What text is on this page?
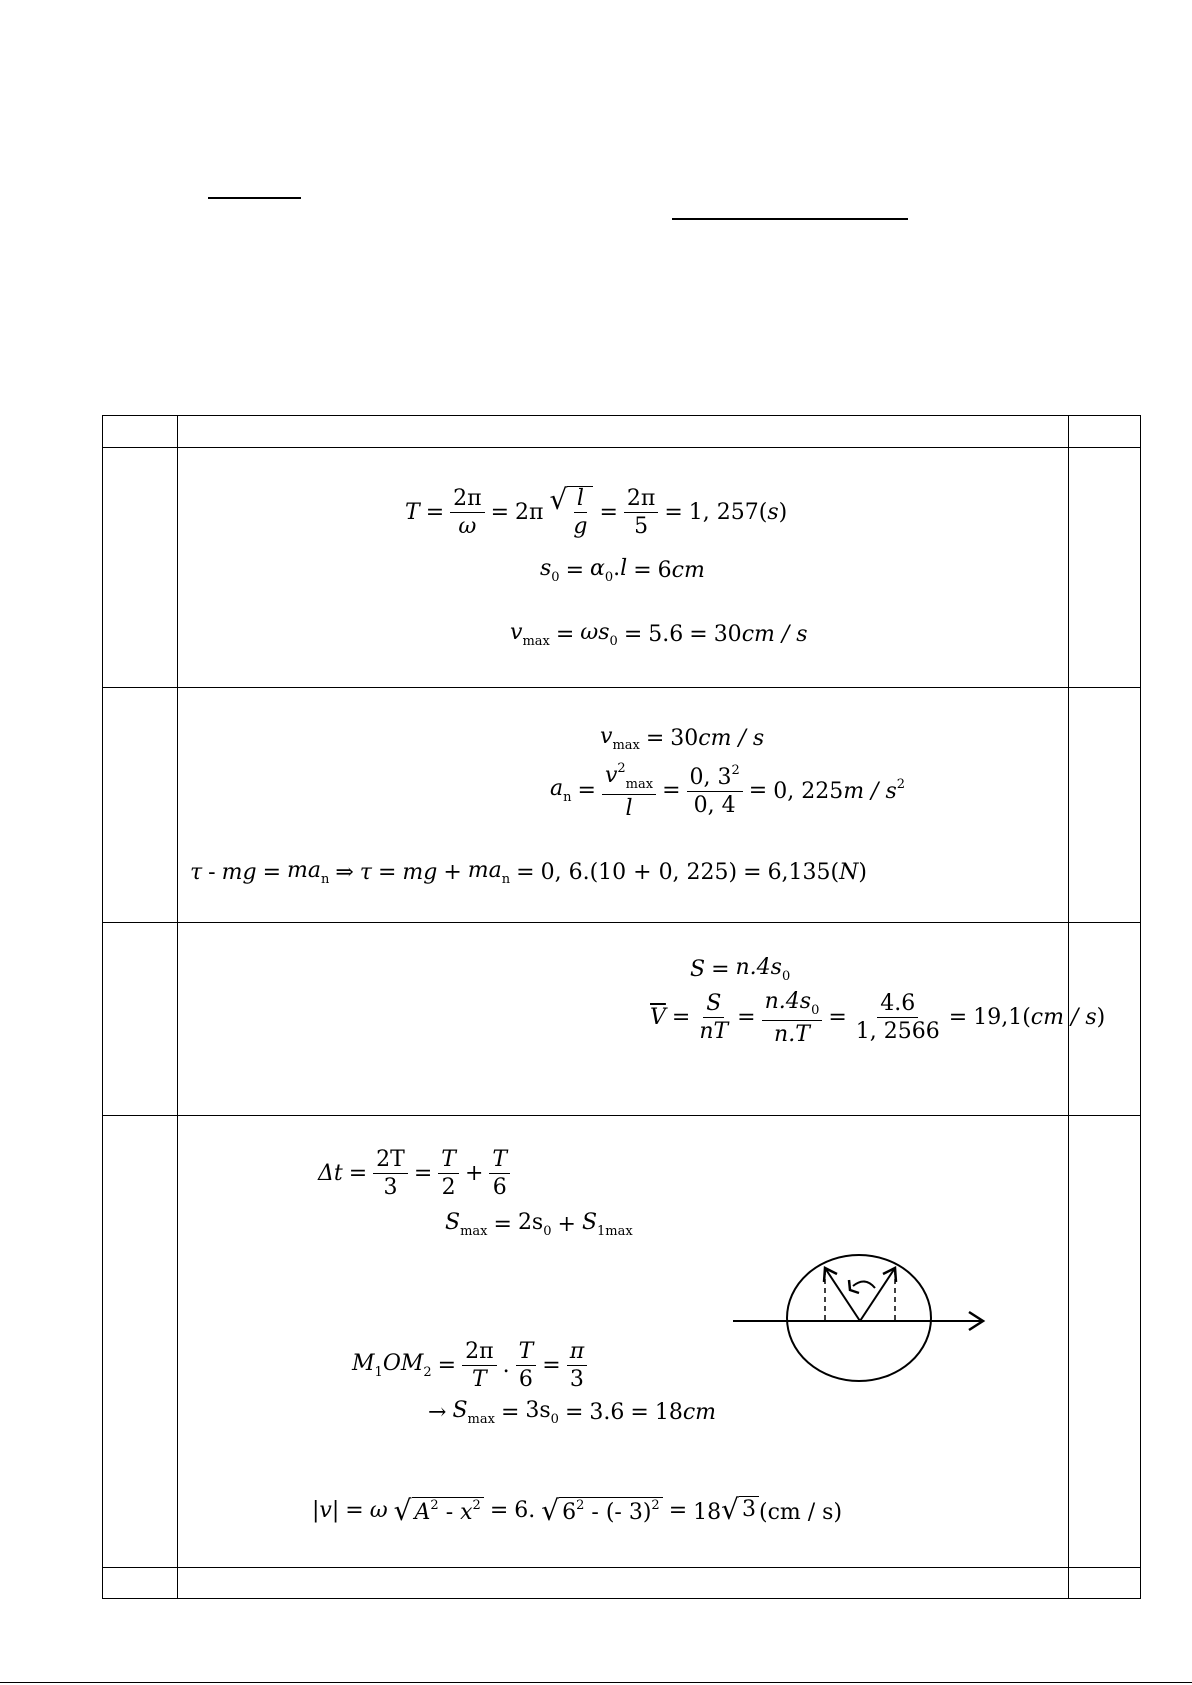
$T = \frac{2\pi}{\omega} = 2\pi$ √ $\frac{l}{g} = \frac{2\pi}{5} = 1$, 257(s)
$s_0 = \alpha_0.l = 6cm$
$v_{max} = \omega s_0 = 5.6 = 30cm / s$
$v_{max} = 30cm / s$
$a_n = \frac{v^2_{max}}{l} = \frac{0, 3^2}{0, 4} = 0$, $225m / s^2$
τ - mg = $ma_n$ ⇒ τ = mg + $ma_n = 0$, 6.(10 + 0, 225) = 6,135(N)
$S = n.4s_0$
$\overline{V} = \frac{S}{nT} = \frac{n.4s_0}{n.T} = \frac{4.6}{1, 2566} = 19,1(cm / s)$
$\Delta t = \frac{2T}{3} = \frac{T}{2} + \frac{T}{6}$
$S_{max} = 2s_0 + S_{1max}$
$M_1OM_2 = \frac{2\pi}{T}$ . $\frac{T}{6} = \frac{\pi}{3}$
→ $S_{max} = 3s_0 = 3.6 = 18cm$
|v| = ω √ $A^2 - x^2 = 6$. √ $6^2$ - (- 3)$^2$ = 18 √ 3 (cm / s)
